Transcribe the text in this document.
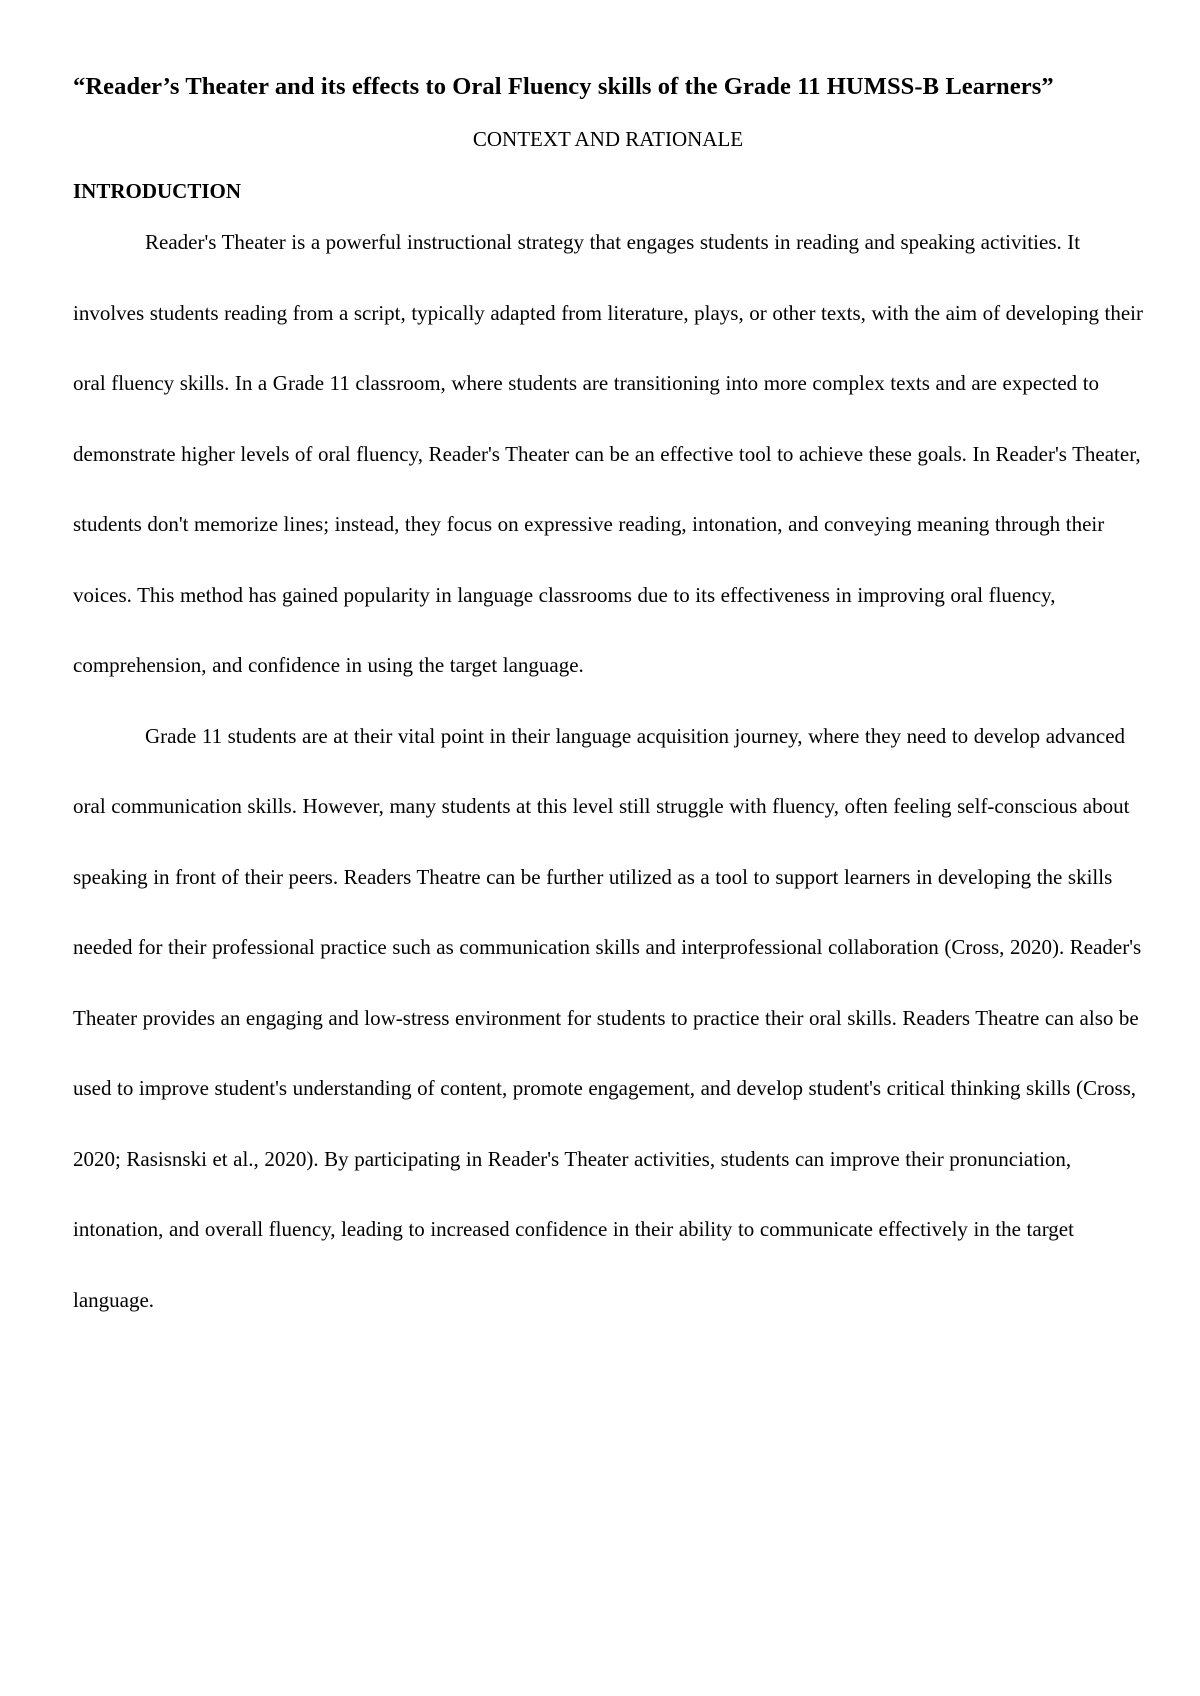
“Reader’s Theater and its effects to Oral Fluency skills of the Grade 11 HUMSS-B Learners”
CONTEXT AND RATIONALE
INTRODUCTION

Reader's Theater is a powerful instructional strategy that engages students in reading and speaking activities. It involves students reading from a script, typically adapted from literature, plays, or other texts, with the aim of developing their oral fluency skills. In a Grade 11 classroom, where students are transitioning into more complex texts and are expected to demonstrate higher levels of oral fluency, Reader's Theater can be an effective tool to achieve these goals. In Reader's Theater, students don't memorize lines; instead, they focus on expressive reading, intonation, and conveying meaning through their voices. This method has gained popularity in language classrooms due to its effectiveness in improving oral fluency, comprehension, and confidence in using the target language.

Grade 11 students are at their vital point in their language acquisition journey, where they need to develop advanced oral communication skills. However, many students at this level still struggle with fluency, often feeling self-conscious about speaking in front of their peers. Readers Theatre can be further utilized as a tool to support learners in developing the skills needed for their professional practice such as communication skills and interprofessional collaboration (Cross, 2020). Reader's Theater provides an engaging and low-stress environment for students to practice their oral skills. Readers Theatre can also be used to improve student's understanding of content, promote engagement, and develop student's critical thinking skills (Cross, 2020; Rasisnski et al., 2020). By participating in Reader's Theater activities, students can improve their pronunciation, intonation, and overall fluency, leading to increased confidence in their ability to communicate effectively in the target language.
